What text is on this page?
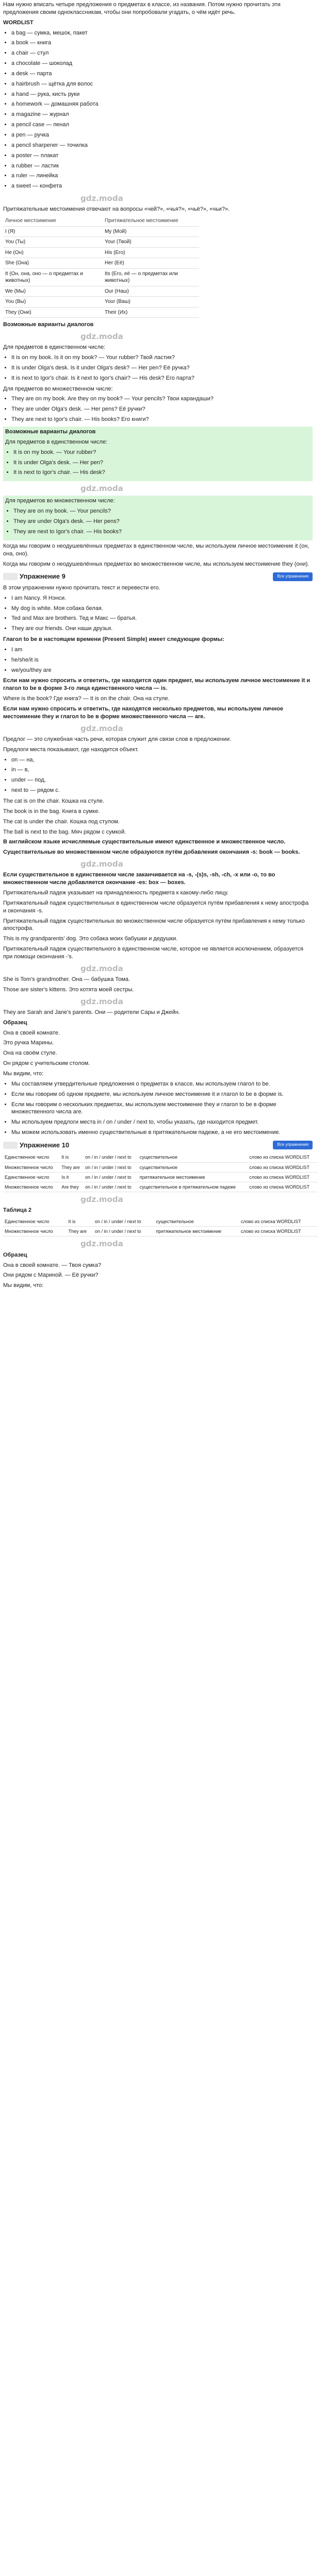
Нам нужно вписать четыре предложения о предметах в классе, из названия. Потом нужно прочитать эти предложения своим одноклассникам, чтобы они попробовали угадать, о чём идёт речь.

WORDLIST

• a bag — сумка, мешок, пакет
• a book — книга
• a chair — стул
• a chocolate — шоколад
• a desk — парта
• a hairbrush — щётка для волос
• a hand — рука, кисть руки
• a homework — домашняя работа
• a magazine — журнал
• a pencil case — пенал
• a pen — ручка
• a pencil sharpener — точилка
• a poster — плакат
• a rubber — ластик
• a ruler — линейка
• a sweet — конфета
gdz.moda

Притяжательные местоимения отвечают на вопросы «чей?», «чья?», «чьё?», «чьи?».

Личное местоимение	Притяжательное местоимение
I (Я)	My (Мой)
You (Ты)	Your (Твой)
He (Он)	His (Его)
She (Она)	Her (Её)
It (Он, она, оно — о предметах и животных)	Its (Его, её — о предметах или животных)
We (Мы)	Our (Наш)
You (Вы)	Your (Ваш)
They (Они)	Their (Их)

Возможные варианты диалогов

gdz.moda

Для предметов в единственном числе:

• It is on my book. Is it on my book? — Your rubber? Твой ластик?
• It is under Olga's desk. Is it under Olga's desk? — Her pen? Её ручка?
• It is next to Igor's chair. Is it next to Igor's chair? — His desk? Его парта?

Для предметов во множественном числе:

• They are on my book. Are they on my book? — Your pencils? Твои карандаши?
• They are under Olga's desk. — Her pens? Её ручки?
• They are next to Igor's chair. — His books? Его книги?

Возможные варианты диалогов

Для предметов в единственном числе:

• It is on my book. — Your rubber?
• It is under Olga's desk. — Her pen?
• It is next to Igor's chair. — His desk?
gdz.moda

Для предметов во множественном числе:

• They are on my book. — Your pencils?
• They are under Olga's desk. — Her pens?
• They are next to Igor's chair. — His books?

Когда мы говорим о неодушевлённых предметах в единственном числе, мы используем личное местоимение it (он, она, оно).

Когда мы говорим о неодушевлённых предметах во множественном числе, мы используем местоимение they (они).

Упражнение 9	Все упражнения

В этом упражнении нужно прочитать текст и перевести его.

• I am Nancy. Я Нэнси.
• My dog is white. Моя собака белая.
• Ted and Max are brothers. Тед и Макс — братья.
• They are our friends. Они наши друзья.

Глагол to be в настоящем времени (Present Simple) имеет следующие формы:

• I am
• he/she/it is
• we/you/they are

Если нам нужно спросить и ответить, где находится один предмет, мы используем личное местоимение it и глагол to be в форме 3-го лица единственного числа — is.

Where is the book? Где книга? — It is on the chair. Она на стуле.

Если нам нужно спросить и ответить, где находятся несколько предметов, мы используем личное местоимение they и глагол to be в форме множественного числа — are.

gdz.moda

Предлог — это служебная часть речи, которая служит для связи слов в предложении.

Предлоги места показывают, где находится объект.

• on — на,
• in — в,
• under — под,
• next to — рядом с.

The cat is on the chair. Кошка на стуле.

The book is in the bag. Книга в сумке.

The cat is under the chair. Кошка под стулом.

The ball is next to the bag. Мяч рядом с сумкой.

В английском языке исчисляемые существительные имеют единственное и множественное число.

Существительные во множественном числе образуются путём добавления окончания -s: book — books.

gdz.moda

Если существительное в единственном числе заканчивается на -s, -(s)s, -sh, -ch, -x или -o, то во множественном числе добавляется окончание -es: box — boxes.

Притяжательный падеж указывает на принадлежность предмета к какому-либо лицу.

Притяжательный падеж существительных в единственном числе образуется путём прибавления к нему апострофа и окончания -s.

Притяжательный падеж существительных во множественном числе образуется путём прибавления к нему только апострофа.

This is my grandparents' dog. Это собака моих бабушки и дедушки.

Притяжательный падеж существительного в единственном числе, которое не является исключением, образуется при помощи окончания -'s.

gdz.moda

She is Tom's grandmother. Она — бабушка Тома.

Those are sister's kittens. Это котята моей сестры.

gdz.moda

They are Sarah and Jane's parents. Они — родители Сары и Джейн.

Образец

Она в своей комнате.

Это ручка Марины.

Она на своём стуле.

Он рядом с учительским столом.

Мы видим, что:

• Мы составляем утвердительные предложения о предметах в классе, мы используем глагол to be.
• Если мы говорим об одном предмете, мы используем личное местоимение it и глагол to be в форме is.
• Если мы говорим о нескольких предметах, мы используем местоимение they и глагол to be в форме множественного числа are.
• Мы используем предлоги места in / on / under / next to, чтобы указать, где находится предмет.
• Мы можем использовать именно существительные в притяжательном падеже, а не его местоимение.
Упражнение 10	Все упражнения
Единственное число	It is	on / in / under / next to	существительное	слово из списка WORDLIST
Множественное число	They are	on / in / under / next to	существительное	слово из списка WORDLIST
Единственное число	Is it	on / in / under / next to	притяжательное местоимение	слово из списка WORDLIST
Множественное число	Are they	on / in / under / next to	существительное в притяжательном падеже	слово из списка WORDLIST
gdz.moda

Таблица 2

Единственное число	It is	on / in / under / next to	существительное	слово из списка WORDLIST
Множественное число	They are	on / in / under / next to	притяжательное местоимение	слово из списка WORDLIST
gdz.moda

Образец

Она в своей комнате. — Твоя сумка?

Они рядом с Мариной. — Её ручки?

Мы видим, что:
